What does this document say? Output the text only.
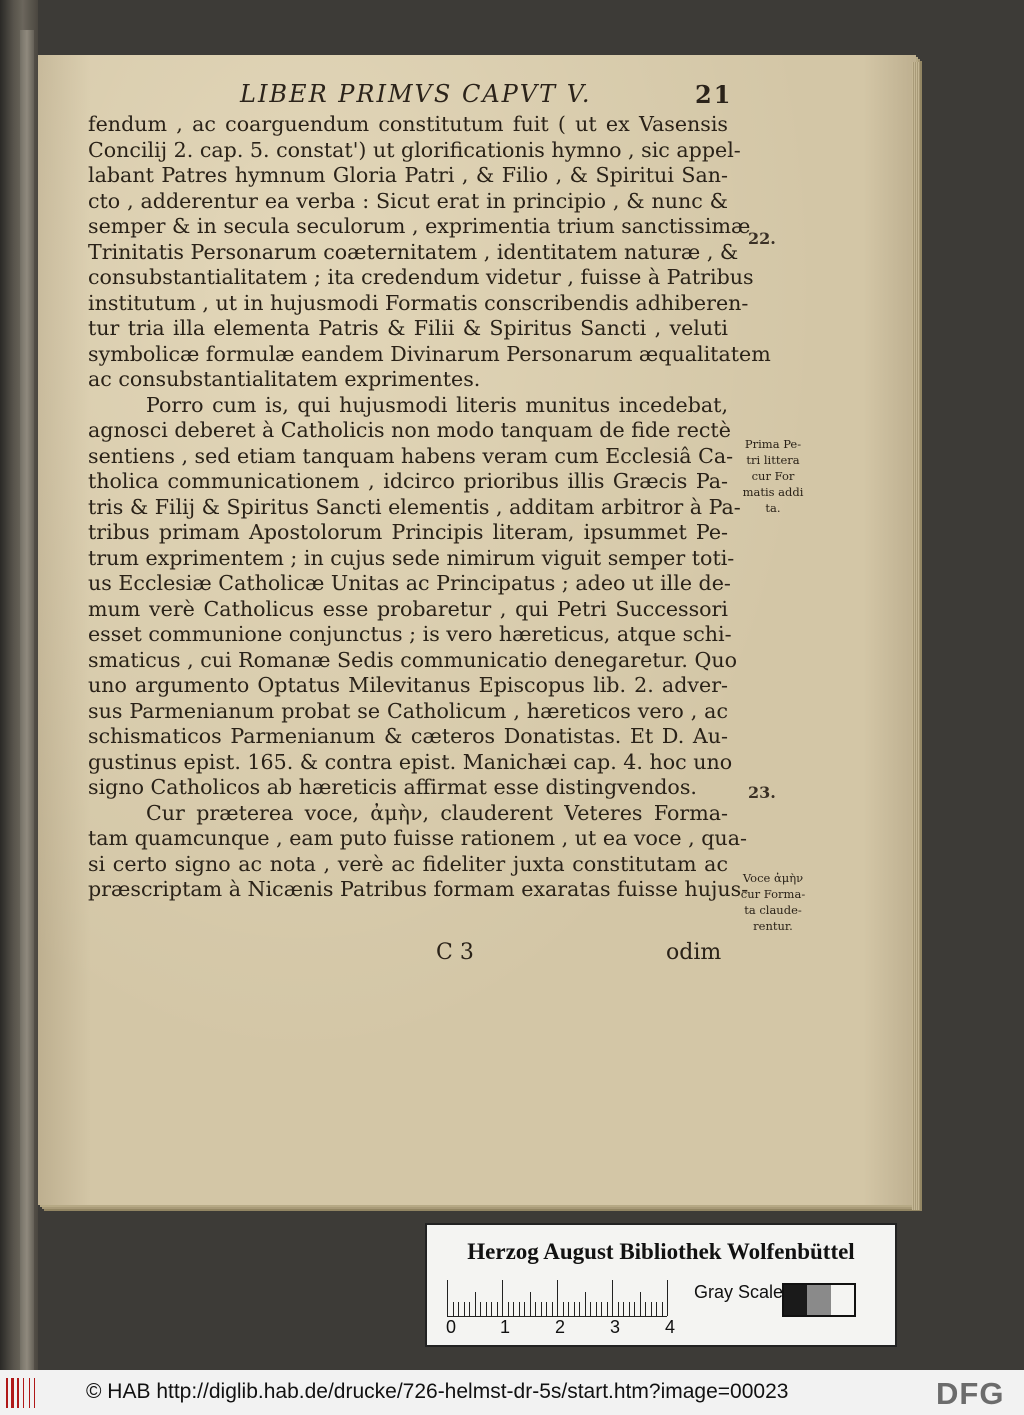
LIBER PRIMVS CAPVT V.	21
fendum , ac coarguendum constitutum fuit ( ut ex Vasensis
Concilij 2. cap. 5. constat') ut glorificationis hymno , sic appel-
labant Patres hymnum Gloria Patri , & Filio , & Spiritui San-
cto , adderentur ea verba : Sicut erat in principio , & nunc &
semper & in secula seculorum , exprimentia trium sanctissimæ
Trinitatis Personarum coæternitatem , identitatem naturæ , &
consubstantialitatem ; ita credendum videtur , fuisse à Patribus
institutum , ut in hujusmodi Formatis conscribendis adhiberen-
tur tria illa elementa Patris & Filii & Spiritus Sancti , veluti
symbolicæ formulæ eandem Divinarum Personarum æqualitatem
ac consubstantialitatem exprimentes.
Porro cum is, qui hujusmodi literis munitus incedebat,
agnosci deberet à Catholicis non modo tanquam de fide rectè
sentiens , sed etiam tanquam habens veram cum Ecclesiâ Ca-
tholica communicationem , idcirco prioribus illis Græcis Pa-
tris & Filij & Spiritus Sancti elementis , additam arbitror à Pa-
tribus primam Apostolorum Principis literam, ipsummet Pe-
trum exprimentem ; in cujus sede nimirum viguit semper toti-
us Ecclesiæ Catholicæ Unitas ac Principatus ; adeo ut ille de-
mum verè Catholicus esse probaretur , qui Petri Successori
esset communione conjunctus ; is vero hæreticus, atque schi-
smaticus , cui Romanæ Sedis communicatio denegaretur. Quo
uno argumento Optatus Milevitanus Episcopus lib. 2. adver-
sus Parmenianum probat se Catholicum , hæreticos vero , ac
schismaticos Parmenianum & cæteros Donatistas. Et D. Au-
gustinus epist. 165. & contra epist. Manichæi cap. 4. hoc uno
signo Catholicos ab hæreticis affirmat esse distingvendos.
Cur præterea voce, ἀμὴν, clauderent Veteres Forma-
tam quamcunque , eam puto fuisse rationem , ut ea voce , qua-
si certo signo ac nota , verè ac fideliter juxta constitutam ac
præscriptam à Nicænis Patribus formam exaratas fuisse hujus-
C 3	odim
22.
23.
Prima Pe-
tri littera
cur For
matis addi
ta.
Voce ἀμὴν
cur Forma-
ta claude-
rentur.
Herzog August Bibliothek Wolfenbüttel
0 1 2 3 4
Gray Scale
© HAB http://diglib.hab.de/drucke/726-helmst-dr-5s/start.htm?image=00023	DFG
